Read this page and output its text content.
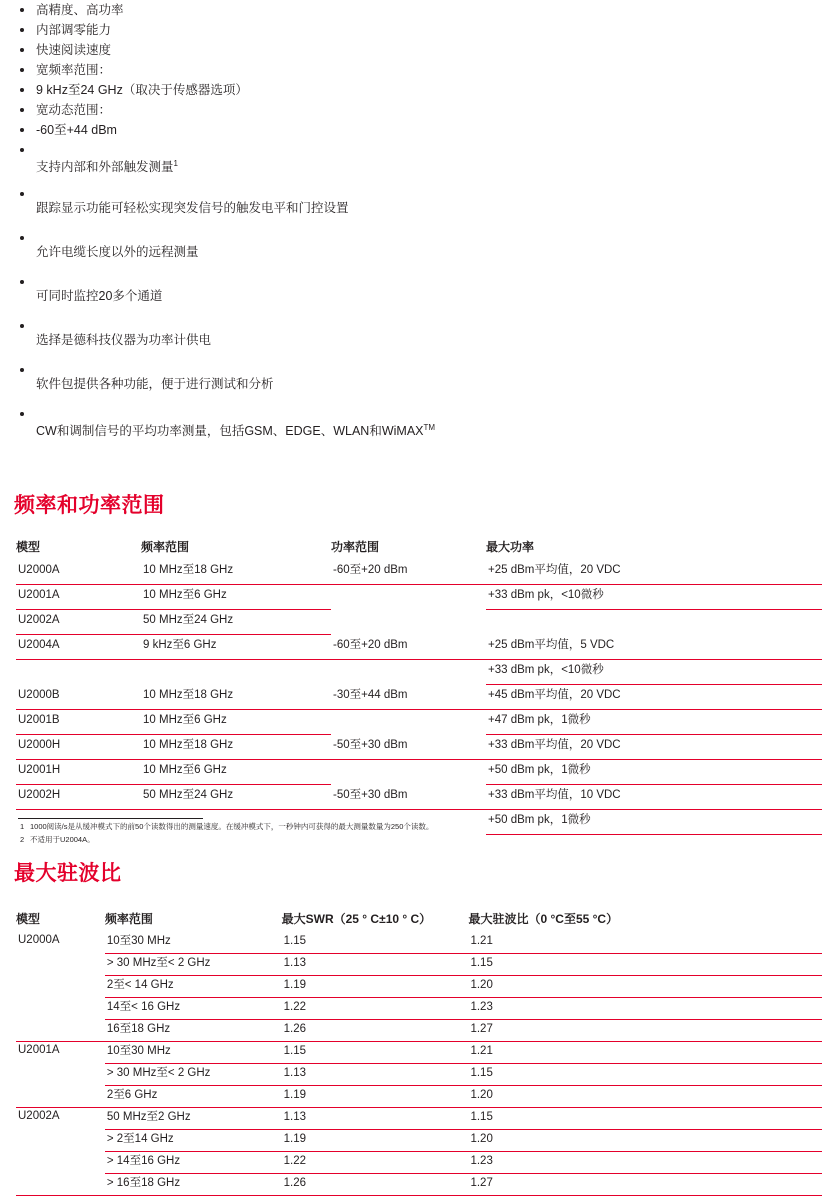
高精度、高功率
内部调零能力
快速阅读速度
宽频率范围：
9 kHz至24 GHz（取决于传感器选项）
宽动态范围：
-60至+44 dBm
支持内部和外部触发测量$^1$
跟踪显示功能可轻松实现突发信号的触发电平和门控设置
允许电缆长度以外的远程测量
可同时监控20多个通道
选择是德科技仪器为功率计供电
软件包提供各种功能，便于进行测试和分析
CW和调制信号的平均功率测量，包括GSM、EDGE、WLAN和WiMAX™
频率和功率范围
模型	频率范围	功率范围	最大功率
U2000A	10 MHz至18 GHz	-60至+20 dBm	+25 dBm平均值，20 VDC
U2001A	10 MHz至6 GHz		+33 dBm pk，<10微秒
U2002A	50 MHz至24 GHz		
U2004A	9 kHz至6 GHz	-60至+20 dBm	+25 dBm平均值，5 VDC
			+33 dBm pk，<10微秒
U2000B	10 MHz至18 GHz	-30至+44 dBm	+45 dBm平均值，20 VDC
U2001B	10 MHz至6 GHz		+47 dBm pk，1微秒
U2000H	10 MHz至18 GHz	-50至+30 dBm	+33 dBm平均值，20 VDC
U2001H	10 MHz至6 GHz		+50 dBm pk，1微秒
U2002H	50 MHz至24 GHz	-50至+30 dBm	+33 dBm平均值，10 VDC
			+50 dBm pk，1微秒
1 1000阅读/s是从缓冲模式下的前50个读数得出的测量速度。在缓冲模式下，一秒钟内可获得的最大测量数量为250个读数。
2 不适用于U2004A。
最大驻波比
模型	频率范围	最大SWR（25 ° C±10 ° C）	最大驻波比（0 °C至55 °C）
U2000A	10至30 MHz	1.15	1.21
	> 30 MHz至< 2 GHz	1.13	1.15
	2至< 14 GHz	1.19	1.20
	14至< 16 GHz	1.22	1.23
	16至18 GHz	1.26	1.27
U2001A	10至30 MHz	1.15	1.21
	> 30 MHz至< 2 GHz	1.13	1.15
	2至6 GHz	1.19	1.20
U2002A	50 MHz至2 GHz	1.13	1.15
	> 2至14 GHz	1.19	1.20
	> 14至16 GHz	1.22	1.23
	> 16至18 GHz	1.26	1.27
